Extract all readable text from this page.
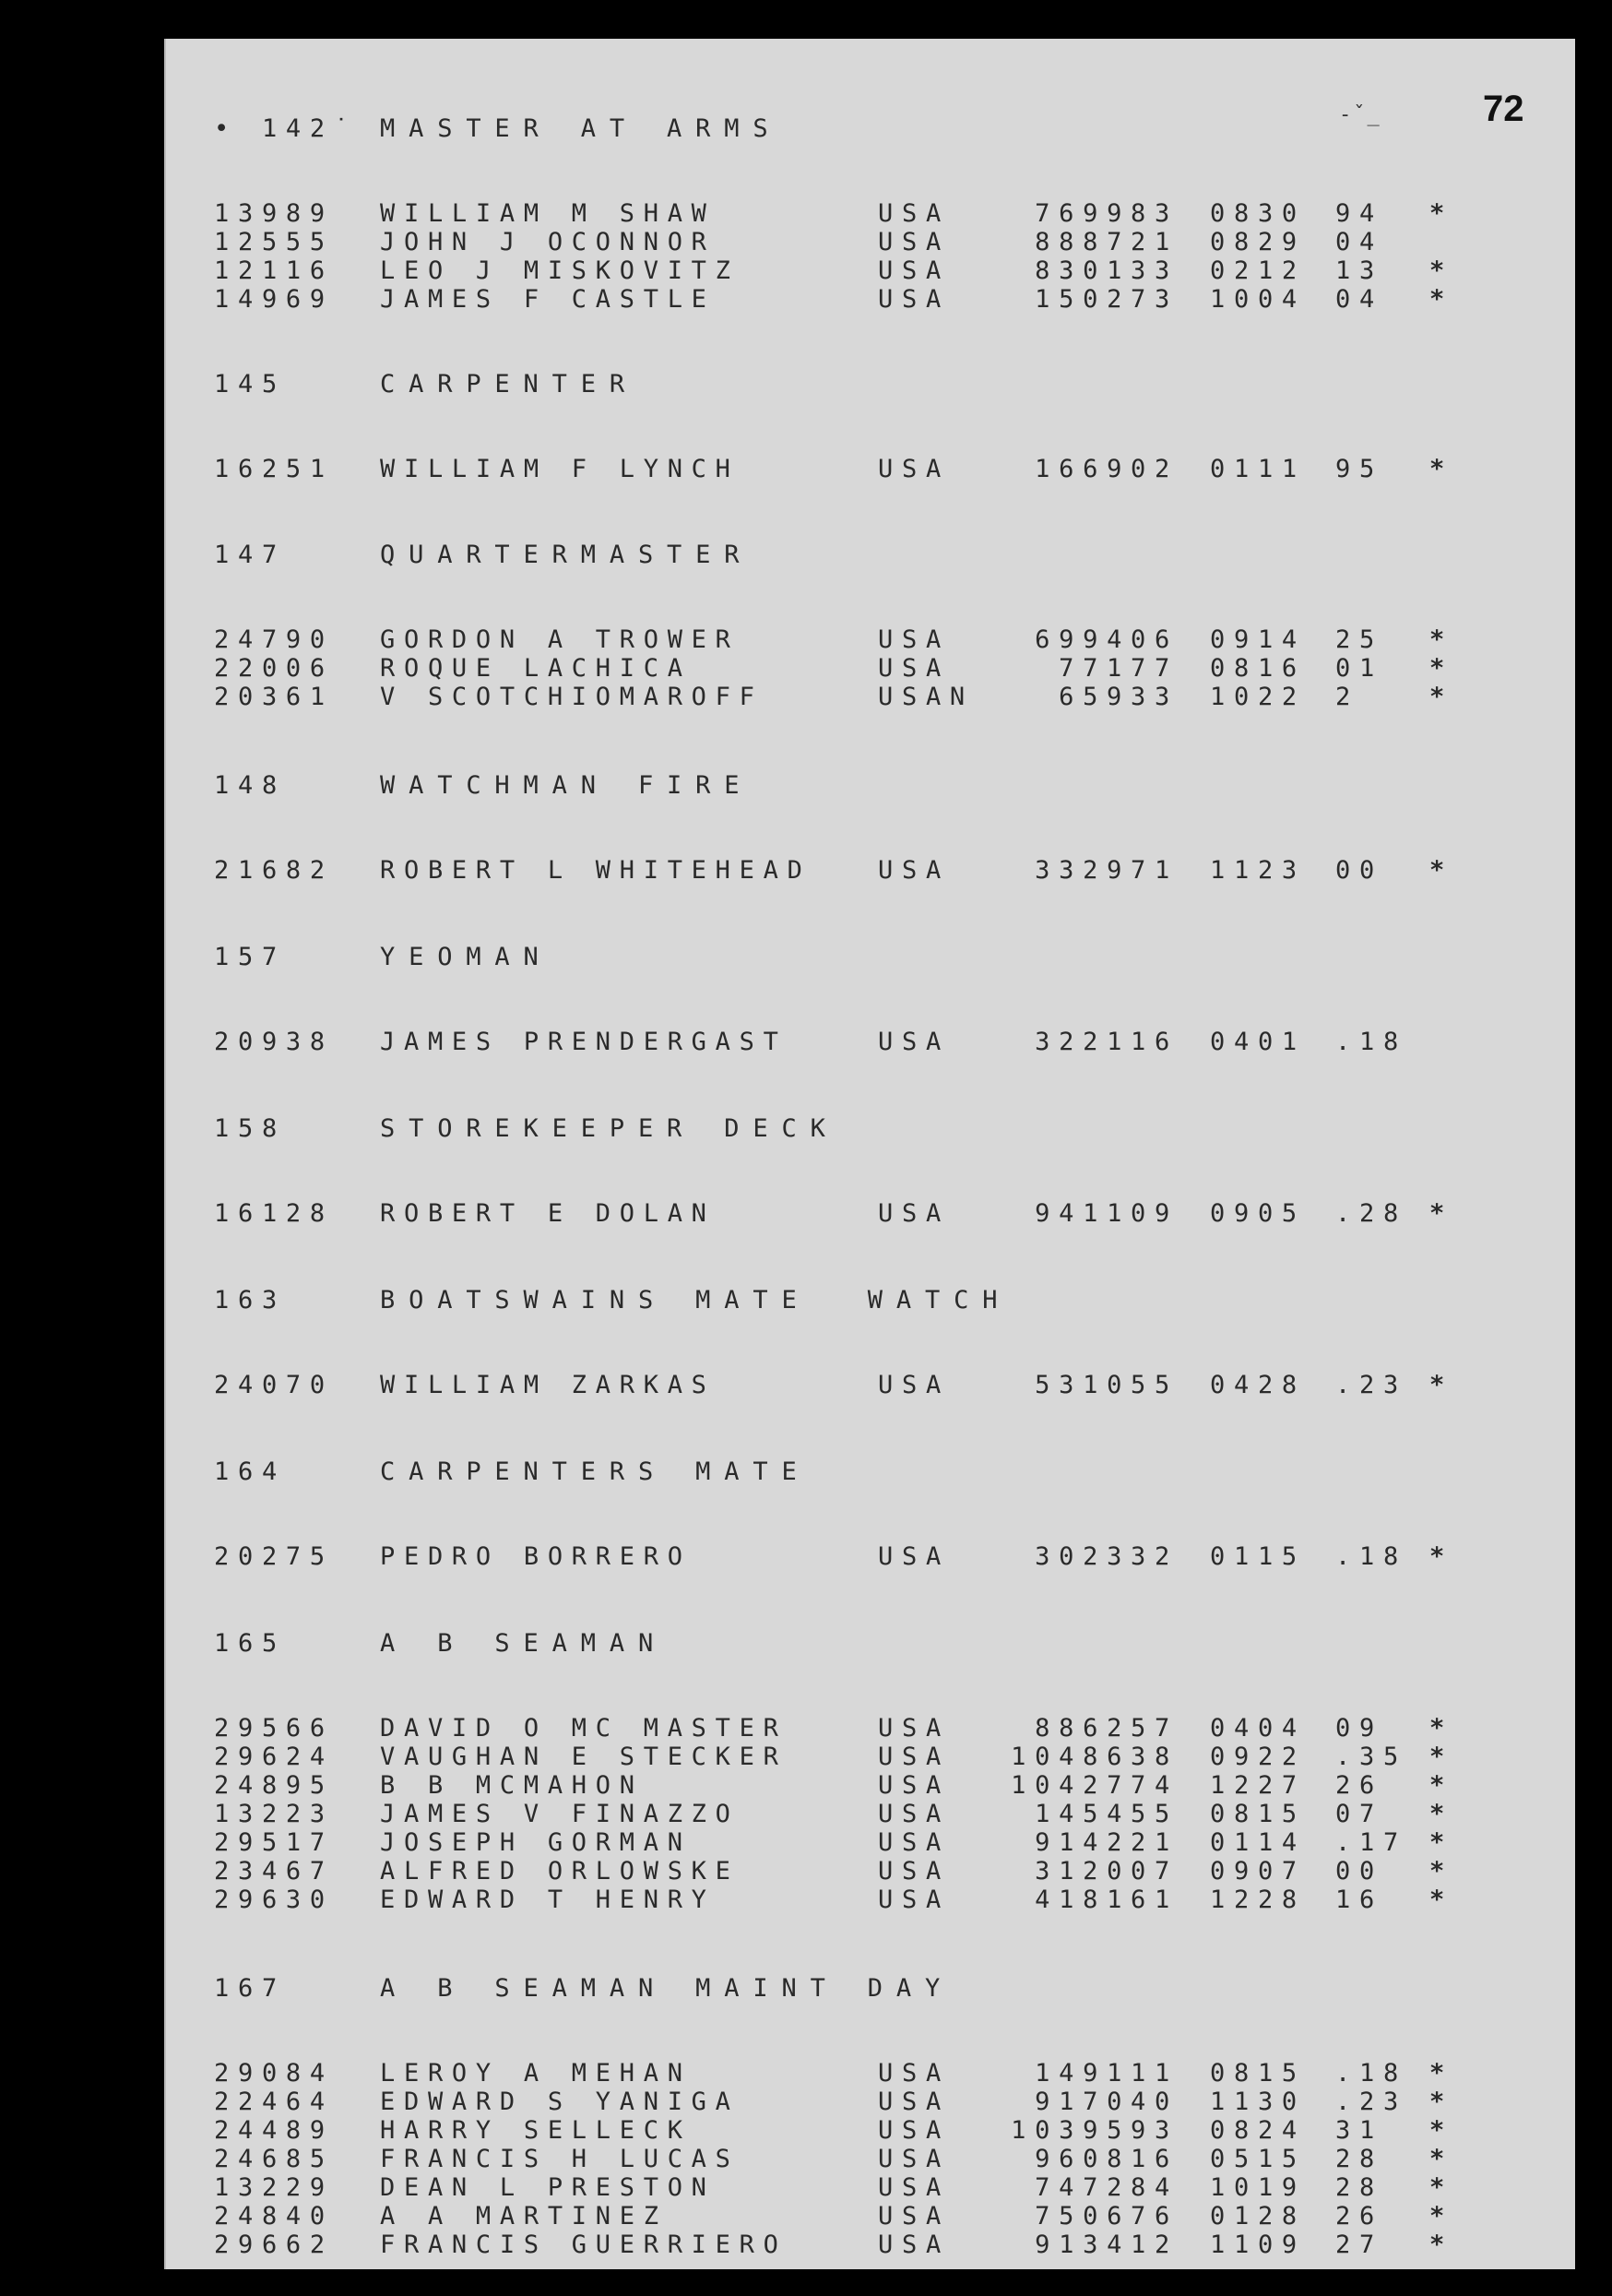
72
-ˇ_
• 142˙ MASTER AT ARMS
13989 WILLIAM M SHAW	USA	769983 0830 94 *
12555 JOHN J OCONNOR	USA	888721 0829 04
12116 LEO J MISKOVITZ	USA	830133 0212 13 *
14969 JAMES F CASTLE	USA	150273 1004 04 *
145	CARPENTER
16251 WILLIAM F LYNCH	USA	166902 0111 95 *
147	QUARTERMASTER
24790 GORDON A TROWER	USA	699406 0914 25 *
22006 ROQUE LACHICA	USA	77177 0816 01 *
20361 V SCOTCHIOMAROFF	USAN	65933 1022 2	*
148	WATCHMAN FIRE
21682 ROBERT L WHITEHEAD	USA	332971 1123 00 *
157	YEOMAN
20938 JAMES PRENDERGAST	USA	322116 0401 .18
158	STOREKEEPER DECK
16128 ROBERT E DOLAN	USA	941109 0905 .28 *
163	BOATSWAINS MATE  WATCH
24070 WILLIAM ZARKAS	USA	531055 0428 .23 *
164	CARPENTERS MATE
20275 PEDRO BORRERO	USA	302332 0115 .18 *
165	A B SEAMAN
29566 DAVID O MC MASTER	USA	886257 0404 09 *
29624 VAUGHAN E STECKER	USA	1048638 0922 .35 *
24895 B B MCMAHON	USA	1042774 1227 26 *
13223 JAMES V FINAZZO	USA	145455 0815 07 *
29517 JOSEPH GORMAN	USA	914221 0114 .17 *
23467 ALFRED ORLOWSKE	USA	312007 0907 00 *
29630 EDWARD T HENRY	USA	418161 1228 16 *
167	A B SEAMAN MAINT DAY
29084 LEROY A MEHAN	USA	149111 0815 .18 *
22464 EDWARD S YANIGA	USA	917040 1130 .23 *
24489 HARRY SELLECK	USA	1039593 0824 31 *
24685 FRANCIS H LUCAS	USA	960816 0515 28 *
13229 DEAN L PRESTON	USA	747284 1019 28 *
24840 A A MARTINEZ	USA	750676 0128 26 *
29662 FRANCIS GUERRIERO	USA	913412 1109 27 *
